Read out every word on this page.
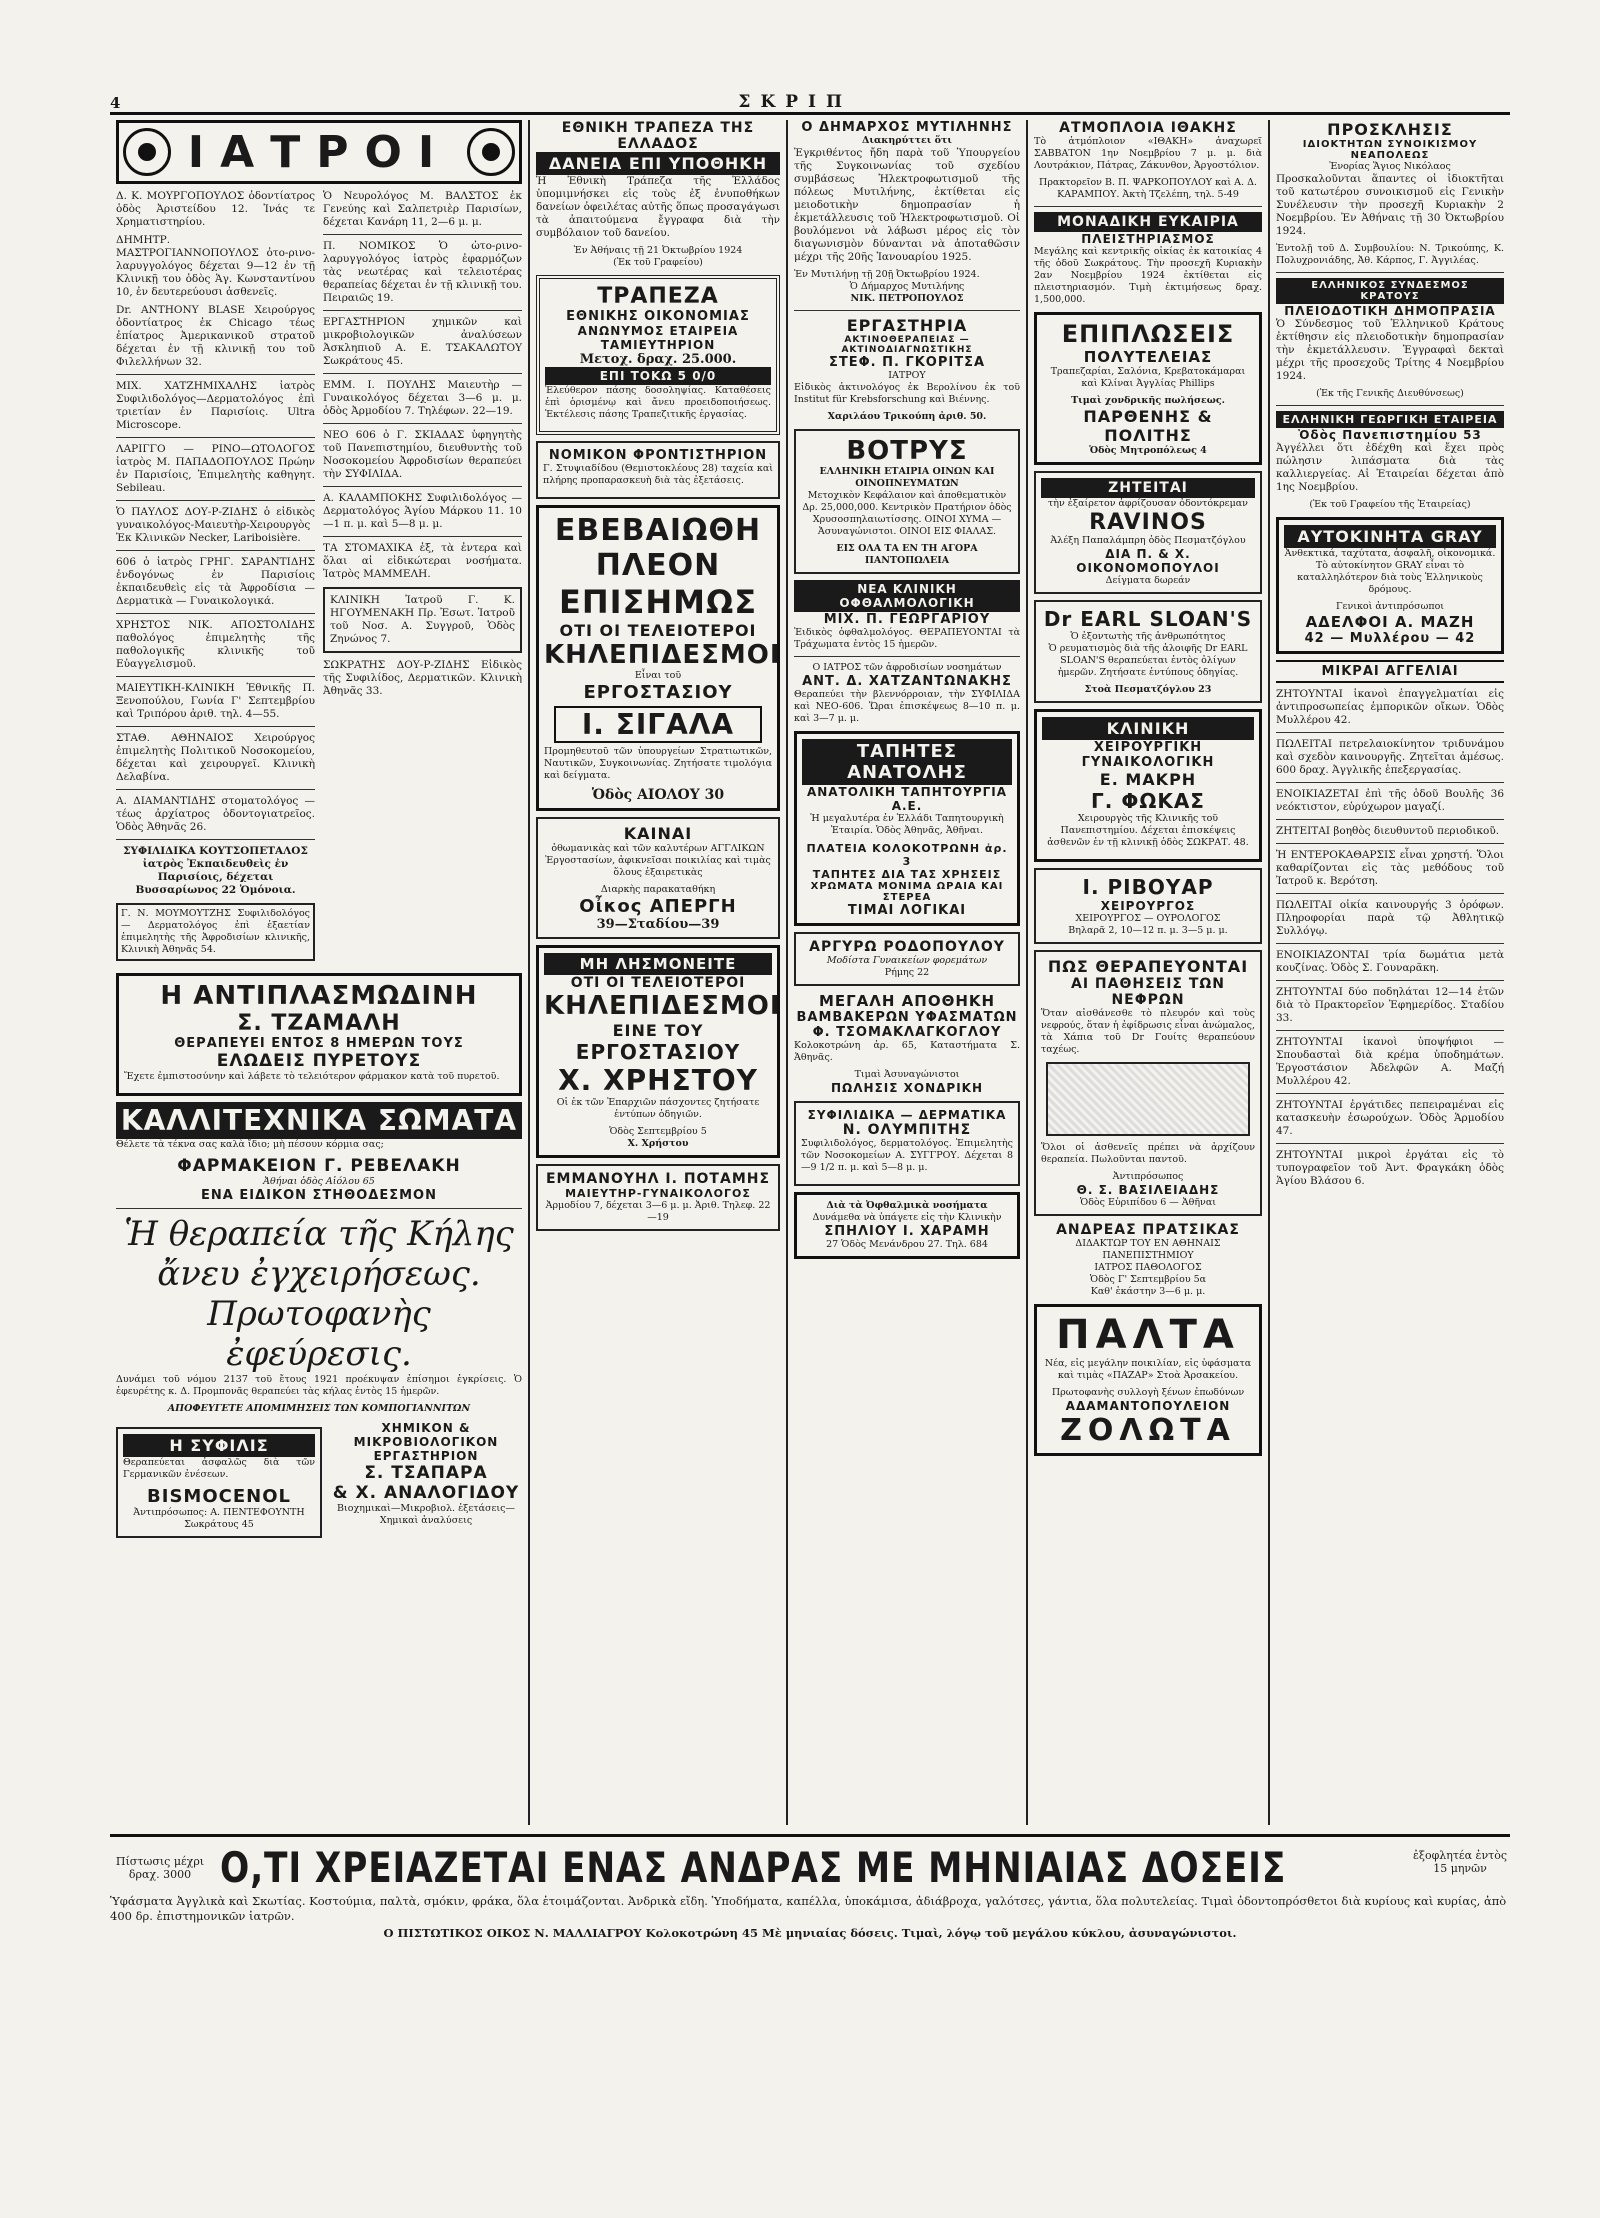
4	ΣΚΡΙΠ
ΙΑΤΡΟΙ

Δ. Κ. ΜΟΥΡΓΟΠΟΥΛΟΣ ὀδοντίατρος ὁδὸς Ἀριστείδου 12. Ἰνάς τε Χρηματιστηρίου.

ΔΗΜΗΤΡ. ΜΑΣΤΡΟΓΙΑΝΝΟΠΟΥΛΟΣ ὀτο-ρινο-λαρυγγολόγος δέχεται 9—12 ἐν τῇ Κλινικῇ του ὁδὸς Ἁγ. Κωνσταντίνου 10, ἐν δευτερεύουσι ἀσθενεῖς.

Dr. ANTHONY BLASE Χειρούργος ὀδοντίατρος ἐκ Chicago τέως ἐπίατρος Ἀμερικανικοῦ στρατοῦ δέχεται ἐν τῇ κλινικῇ του τοῦ Φιλελλήνων 32.

ΜΙΧ. ΧΑΤΖΗΜΙΧΑΛΗΣ ἰατρὸς Συφιλιδολόγος—Δερματολόγος ἐπὶ τριετίαν ἐν Παρισίοις. Ultra Microscope.

ΛΑΡΙΓΓΟ — ΡΙΝΟ—ΩΤΟΛΟΓΟΣ ἰατρὸς Μ. ΠΑΠΑΔΟΠΟΥΛΟΣ Πρώην ἐν Παρισίοις, Ἐπιμελητὴς καθηγητ. Sebileau.

Ὁ ΠΑΥΛΟΣ ΔΟΥ-Ρ-ΖΙΔΗΣ ὁ εἰδικὸς γυναικολόγος-Μαιευτὴρ-Χειρουργὸς Ἐκ Κλινικῶν Necker, Lariboisière.

606 ὁ ἰατρὸς ΓΡΗΓ. ΣΑΡΑΝΤΙΔΗΣ ἐνδογόνως ἐν Παρισίοις ἐκπαιδευθεὶς εἰς τὰ Ἀφροδίσια — Δερματικὰ — Γυναικολογικά.

ΧΡΗΣΤΟΣ ΝΙΚ. ΑΠΟΣΤΟΛΙΔΗΣ παθολόγος ἐπιμελητὴς τῆς παθολογικῆς κλινικῆς τοῦ Εὐαγγελισμοῦ.

ΜΑΙΕΥΤΙΚΗ-ΚΛΙΝΙΚΗ Ἐθνικῆς Π. Ξενοπούλου, Γωνία Γ' Σεπτεμβρίου καὶ Τριπόρου ἀριθ. τηλ. 4—55.

ΣΤΑΘ. ΑΘΗΝΑΙΟΣ Χειρούργος ἐπιμελητὴς Πολιτικοῦ Νοσοκομείου, δέχεται καὶ χειρουργεῖ. Κλινικὴ Δελαβίνα.

Α. ΔΙΑΜΑΝΤΙΔΗΣ στοματολόγος — τέως ἀρχίατρος ὀδοντογιατρεῖος. Ὁδὸς Ἀθηνᾶς 26.

ΣΥΦΙΛΙΔΙΚΑ ΚΟΥΤΣΟΠΕΤΑΛΟΣ ἰατρὸς Ἐκπαιδευθεὶς ἐν Παρισίοις, δέχεται Βυσσαρίωνος 22 Ὁμόνοια.

Γ. Ν. ΜΟΥΜΟΥΤΖΗΣ Συφιλιδολόγος — Δερματολόγος ἐπὶ ἑξαετίαν ἐπιμελητὴς τῆς Ἀφροδισίων κλινικῆς, Κλινικὴ Ἀθηνᾶς 54.

Ὁ Νευρολόγος Μ. ΒΑΛΣΤΟΣ ἐκ Γενεύης καὶ Σαλπετριὲρ Παρισίων, δέχεται Κανάρη 11, 2—6 μ. μ.

Π. ΝΟΜΙΚΟΣ Ὁ ὠτο-ρινο-λαρυγγολόγος ἰατρὸς ἐφαρμόζων τὰς νεωτέρας καὶ τελειοτέρας θεραπείας δέχεται ἐν τῇ κλινικῇ του. Πειραιῶς 19.

ΕΡΓΑΣΤΗΡΙΟΝ χημικῶν καὶ μικροβιολογικῶν ἀναλύσεων Ἀσκληπιοῦ Α. Ε. ΤΣΑΚΑΛΩΤΟΥ Σωκράτους 45.

ΕΜΜ. Ι. ΠΟΥΛΗΣ Μαιευτὴρ — Γυναικολόγος δέχεται 3—6 μ. μ. ὁδὸς Ἀρμοδίου 7. Τηλέφων. 22—19.

NEO 606 ὁ Γ. ΣΚΙΑΔΑΣ ὑφηγητὴς τοῦ Πανεπιστημίου, διευθυντὴς τοῦ Νοσοκομείου Ἀφροδισίων θεραπεύει τὴν ΣΥΦΙΛΙΔΑ.

Α. ΚΑΛΑΜΠΟΚΗΣ Συφιλιδολόγος — Δερματολόγος Ἁγίου Μάρκου 11. 10—1 π. μ. καὶ 5—8 μ. μ.

ΤΑ ΣΤΟΜΑΧΙΚΑ ἐξ, τὰ ἐντερα καὶ ὅλαι αἱ εἰδικώτεραι νοσήματα. Ἰατρὸς ΜΑΜΜΕΛΗ.

ΚΛΙΝΙΚΗ Ἰατροῦ Γ. Κ. ΗΓΟΥΜΕΝΑΚΗ Πρ. Ἐσωτ. Ἰατροῦ τοῦ Νοσ. Α. Συγγροῦ, Ὁδὸς Ζηνώνος 7.

ΣΩΚΡΑΤΗΣ ΔΟΥ-Ρ-ΖΙΔΗΣ Εἰδικὸς τῆς Συφιλίδος, Δερματικῶν. Κλινικὴ Ἀθηνᾶς 33.

Η ΑΝΤΙΠΛΑΣΜΩΔΙΝΗ
Σ. ΤΖΑΜΑΛΗ
ΘΕΡΑΠΕΥΕΙ ΕΝΤΟΣ 8 ΗΜΕΡΩΝ ΤΟΥΣ
ΕΛΩΔΕΙΣ ΠΥΡΕΤΟΥΣ

Ἔχετε ἐμπιστοσύνην καὶ λάβετε τὸ τελειότερον φάρμακον κατὰ τοῦ πυρετοῦ.

ΚΑΛΛΙΤΕΧΝΙΚΑ ΣΩΜΑΤΑ

Θέλετε τὰ τέκνα σας καλὰ ἴδιο; μὴ πέσουν κόρμια σας;

ΦΑΡΜΑΚΕΙΟΝ Γ. ΡΕΒΕΛΑΚΗ
Ἀθήναι ὁδὸς Αἰόλου 65
ΕΝΑ ΕΙΔΙΚΟΝ ΣΤΗΘΟΔΕΣΜΟΝ
Ἡ θεραπεία τῆς Κήλης
ἄνευ ἐγχειρήσεως.
Πρωτοφανὴς ἐφεύρεσις.

Δυνάμει τοῦ νόμου 2137 τοῦ ἔτους 1921 προέκυψαν ἐπίσημοι ἐγκρίσεις. Ὁ ἐφευρέτης κ. Δ. Προμπονᾶς θεραπεύει τὰς κήλας ἐντὸς 15 ἡμερῶν.

ΑΠΟΦΕΥΓΕΤΕ ΑΠΟΜΙΜΗΣΕΙΣ ΤΩΝ ΚΟΜΠΟΓΙΑΝΝΙΤΩΝ
Η ΣΥΦΙΛΙΣ

Θεραπεύεται ἀσφαλῶς διὰ τῶν Γερμανικῶν ἐνέσεων.

BISMOCENOL
Ἀντιπρόσωπος: Α. ΠΕΝΤΕΦΟΥΝΤΗ Σωκράτους 45
ΧΗΜΙΚΟΝ & ΜΙΚΡΟΒΙΟΛΟΓΙΚΟΝ ΕΡΓΑΣΤΗΡΙΟΝ
Σ. ΤΣΑΠΑΡΑ
& Χ. ΑΝΑΛΟΓΙΔΟΥ
Βιοχημικαὶ—Μικροβιολ. ἐξετάσεις—Χημικαὶ ἀναλύσεις
ΕΘΝΙΚΗ ΤΡΑΠΕΖΑ ΤΗΣ ΕΛΛΑΔΟΣ
ΔΑΝΕΙΑ ΕΠΙ ΥΠΟΘΗΚΗ

Ἡ Ἐθνικὴ Τράπεζα τῆς Ἑλλάδος ὑπομιμνήσκει εἰς τοὺς ἐξ ἐνυποθήκων δανείων ὀφειλέτας αὐτῆς ὅπως προσαγάγωσι τὰ ἀπαιτούμενα ἔγγραφα διὰ τὴν συμβόλαιον τοῦ δανείου.

Ἐν Ἀθήναις τῇ 21 Ὀκτωβρίου 1924
(Ἐκ τοῦ Γραφείου)
ΤΡΑΠΕΖΑ
ΕΘΝΙΚΗΣ ΟΙΚΟΝΟΜΙΑΣ
ΑΝΩΝΥΜΟΣ ΕΤΑΙΡΕΙΑ
ΤΑΜΙΕΥΤΗΡΙΟΝ
Μετοχ. δραχ. 25.000.
ΕΠΙ ΤΟΚΩ 5 0/0

Ἐλεύθερον πάσης δοσοληψίας. Καταθέσεις ἐπὶ ὁρισμένῳ καὶ ἄνευ προειδοποιήσεως. Ἐκτέλεσις πάσης Τραπεζιτικῆς ἐργασίας.

ΝΟΜΙΚΟΝ ΦΡΟΝΤΙΣΤΗΡΙΟΝ

Γ. Στυψιαδίδου (Θεμιστοκλέους 28) ταχεία καὶ πλήρης προπαρασκευὴ διὰ τὰς ἐξετάσεις.

ΕΒΕΒΑΙΩΘΗ
ΠΛΕΟΝ
ΕΠΙΣΗΜΩΣ
ΟΤΙ ΟΙ ΤΕΛΕΙΟΤΕΡΟΙ
ΚΗΛΕΠΙΔΕΣΜΟΙ
Εἶναι τοῦ
ΕΡΓΟΣΤΑΣΙΟΥ
Ι. ΣΙΓΑΛΑ

Προμηθευτοῦ τῶν ὑπουργείων Στρατιωτικῶν, Ναυτικῶν, Συγκοινωνίας. Ζητήσατε τιμολόγια καὶ δείγματα.

Ὁδὸς ΑΙΟΛΟΥ 30
ΚΑΙΝΑΙ

ὀθωμανικὰς καὶ τῶν καλυτέρων ΑΓΓΛΙΚΩΝ Ἐργοστασίων, ἀφικνεῖσαι ποικιλίας καὶ τιμὰς ὅλους ἐξαιρετικὰς

Διαρκὴς παρακαταθήκη
Οἶκος ΑΠΕΡΓΗ
39—Σταδίου—39
ΜΗ ΛΗΣΜΟΝΕΙΤΕ
ΟΤΙ ΟΙ ΤΕΛΕΙΟΤΕΡΟΙ
ΚΗΛΕΠΙΔΕΣΜΟΙ
ΕΙΝΕ ΤΟΥ
ΕΡΓΟΣΤΑΣΙΟΥ
Χ. ΧΡΗΣΤΟΥ

Οἱ ἐκ τῶν Ἐπαρχιῶν πάσχοντες ζητήσατε ἐντύπων ὁδηγιῶν.

Ὁδὸς Σεπτεμβρίου 5
Χ. Χρήστου
ΕΜΜΑΝΟΥΗΛ Ι. ΠΟΤΑΜΗΣ
ΜΑΙΕΥΤΗΡ-ΓΥΝΑΙΚΟΛΟΓΟΣ
Ἀρμοδίου 7, δέχεται 3—6 μ. μ. Ἀριθ. Τηλεφ. 22—19
Ο ΔΗΜΑΡΧΟΣ ΜΥΤΙΛΗΝΗΣ
Διακηρύττει ὅτι

Ἐγκριθέντος ἤδη παρὰ τοῦ Ὑπουργείου τῆς Συγκοινωνίας τοῦ σχεδίου συμβάσεως Ἠλεκτροφωτισμοῦ τῆς πόλεως Μυτιλήνης, ἐκτίθεται εἰς μειοδοτικὴν δημοπρασίαν ἡ ἐκμετάλλευσις τοῦ Ἠλεκτροφωτισμοῦ. Οἱ βουλόμενοι νὰ λάβωσι μέρος εἰς τὸν διαγωνισμὸν δύνανται νὰ ἀποταθῶσιν μέχρι τῆς 20ῆς Ἰανουαρίου 1925.

Ἐν Μυτιλήνῃ τῇ 20ῇ Ὀκτωβρίου 1924.
Ὁ Δήμαρχος Μυτιλήνης
ΝΙΚ. ΠΕΤΡΟΠΟΥΛΟΣ
ΕΡΓΑΣΤΗΡΙΑ
ΑΚΤΙΝΟΘΕΡΑΠΕΙΑΣ — ΑΚΤΙΝΟΔΙΑΓΝΩΣΤΙΚΗΣ
ΣΤΕΦ. Π. ΓΚΟΡΙΤΣΑ
ΙΑΤΡΟΥ

Εἰδικὸς ἀκτινολόγος ἐκ Βερολίνου ἐκ τοῦ Institut für Krebsforschung καὶ Βιέννης.

Χαριλάου Τρικούπη ἀριθ. 50.
ΒΟΤΡΥΣ
ΕΛΛΗΝΙΚΗ ΕΤΑΙΡΙΑ ΟΙΝΩΝ ΚΑΙ ΟΙΝΟΠΝΕΥΜΑΤΩΝ

Μετοχικὸν Κεφάλαιον καὶ ἀποθεματικὸν Δρ. 25,000,000. Κεντρικὸν Πρατήριον ὁδὸς Χρυσοσπηλαιωτίσσης. ΟΙΝΟΙ ΧΥΜΑ — Ἀσυναγώνιστοι. ΟΙΝΟΙ ΕΙΣ ΦΙΑΛΑΣ.

ΕΙΣ ΟΛΑ ΤΑ ΕΝ ΤΗ ΑΓΟΡΑ ΠΑΝΤΟΠΩΛΕΙΑ
ΝΕΑ ΚΛΙΝΙΚΗ ΟΦΘΑΛΜΟΛΟΓΙΚΗ
ΜΙΧ. Π. ΓΕΩΡΓΑΡΙΟΥ

Ἐιδικὸς ὀφθαλμολόγος. ΘΕΡΑΠΕΥΟΝΤΑΙ τὰ Τράχωματα ἐντὸς 15 ἡμερῶν.

Ο ΙΑΤΡΟΣ τῶν ἀφροδισίων νοσημάτων
ΑΝΤ. Δ. ΧΑΤΖΑΝΤΩΝΑΚΗΣ

Θεραπεύει τὴν βλεννόρροιαν, τὴν ΣΥΦΙΛΙΔΑ καὶ NEO-606. Ὥραι ἐπισκέψεως 8—10 π. μ. καὶ 3—7 μ. μ.

ΤΑΠΗΤΕΣ ΑΝΑΤΟΛΗΣ
ΑΝΑΤΟΛΙΚΗ ΤΑΠΗΤΟΥΡΓΙΑ Α.Ε.

Ἡ μεγαλυτέρα ἐν Ἑλλάδι Ταπητουργικὴ Ἑταιρία. Ὁδὸς Ἀθηνᾶς, Ἀθῆναι.

ΠΛΑΤΕΙΑ ΚΟΛΟΚΟΤΡΩΝΗ ἀρ. 3
ΤΑΠΗΤΕΣ ΔΙΑ ΤΑΣ ΧΡΗΣΕΙΣ
ΧΡΩΜΑΤΑ ΜΟΝΙΜΑ ΩΡΑΙΑ ΚΑΙ ΣΤΕΡΕΑ
ΤΙΜΑΙ ΛΟΓΙΚΑΙ
ΑΡΓΥΡΩ ΡΟΔΟΠΟΥΛΟΥ
Μοδίστα Γυναικείων φορεμάτων
Ρήμης 22
ΜΕΓΑΛΗ ΑΠΟΘΗΚΗ
ΒΑΜΒΑΚΕΡΩΝ ΥΦΑΣΜΑΤΩΝ
Φ. ΤΣΟΜΑΚΛΑΓΚΟΓΛΟΥ

Κολοκοτρώνη ἀρ. 65, Καταστήματα Σ. Ἀθηνᾶς.

Τιμαὶ Ἀσυναγώνιστοι
ΠΩΛΗΣΙΣ ΧΟΝΔΡΙΚΗ
ΣΥΦΙΛΙΔΙΚΑ — ΔΕΡΜΑΤΙΚΑ
Ν. ΟΛΥΜΠΙΤΗΣ

Συφιλιδολόγος, δερματολόγος. Ἐπιμελητὴς τῶν Νοσοκομείων Α. ΣΥΓΓΡΟΥ. Δέχεται 8—9 1/2 π. μ. καὶ 5—8 μ. μ.

Διὰ τὰ Ὀφθαλμικὰ νοσήματα
Δυνάμεθα νὰ ὑπάγετε εἰς τὴν Κλινικὴν
ΣΠΗΛΙΟΥ Ι. ΧΑΡΑΜΗ
27 Ὁδὸς Μενάνδρου 27. Τηλ. 684
ΑΤΜΟΠΛΟΙΑ ΙΘΑΚΗΣ

Τὸ ἀτμόπλοιον «ΙΘΑΚΗ» ἀναχωρεῖ ΣΑΒΒΑΤΟΝ 1ην Νοεμβρίου 7 μ. μ. διὰ Λουτράκιον, Πάτρας, Ζάκυνθον, Ἀργοστόλιον.

Πρακτορεῖον Β. Π. ΨΑΡΚΟΠΟΥΛΟΥ καὶ Α. Δ. ΚΑΡΑΜΠΟΥ. Ἀκτὴ Τζελέπη, τηλ. 5-49
ΜΟΝΑΔΙΚΗ ΕΥΚΑΙΡΙΑ
ΠΛΕΙΣΤΗΡΙΑΣΜΟΣ

Μεγάλης καὶ κεντρικῆς οἰκίας ἐκ κατοικίας 4 τῆς ὁδοῦ Σωκράτους. Τὴν προσεχῆ Κυριακὴν 2αν Νοεμβρίου 1924 ἐκτίθεται εἰς πλειστηριασμόν. Τιμὴ ἐκτιμήσεως δραχ. 1,500,000.

ΕΠΙΠΛΩΣΕΙΣ
ΠΟΛΥΤΕΛΕΙΑΣ

Τραπεζαρίαι, Σαλόνια, Κρεβατοκάμαραι καὶ Κλίναι Ἀγγλίας Phillips

Τιμαὶ χονδρικῆς πωλήσεως.
ΠΑΡΘΕΝΗΣ & ΠΟΛΙΤΗΣ
Ὁδὸς Μητροπόλεως 4
ΖΗΤΕΙΤΑΙ
τὴν ἐξαίρετον ἀφρίζουσαν ὀδοντόκρεμαν
RAVINOS
Ἀλέξη Παπαλάμπρη ὁδὸς Πεσματζόγλου
ΔΙΑ Π. & Χ. ΟΙΚΟΝΟΜΟΠΟΥΛΟΙ
Δείγματα δωρεάν
Dr EARL SLOAN'S
Ὁ ἐξοντωτὴς τῆς ἀνθρωπότητος

Ὁ ρευματισμὸς διὰ τῆς ἀλοιφῆς Dr EARL SLOAN'S θεραπεύεται ἐντὸς ὀλίγων ἡμερῶν. Ζητήσατε ἐντύπους ὁδηγίας.

Στοὰ Πεσματζόγλου 23
ΚΛΙΝΙΚΗ
ΧΕΙΡΟΥΡΓΙΚΗ ΓΥΝΑΙΚΟΛΟΓΙΚΗ
Ε. ΜΑΚΡΗ
Γ. ΦΩΚΑΣ

Χειρουργὸς τῆς Κλινικῆς τοῦ Πανεπιστημίου. Δέχεται ἐπισκέψεις ἀσθενῶν ἐν τῇ κλινικῇ ὁδὸς ΣΩΚΡΑΤ. 48.

Ι. ΡΙΒΟΥΑΡ
ΧΕΙΡΟΥΡΓΟΣ
ΧΕΙΡΟΥΡΓΟΣ — ΟΥΡΟΛΟΓΟΣ
Βηλαρᾶ 2, 10—12 π. μ. 3—5 μ. μ.
ΠΩΣ ΘΕΡΑΠΕΥΟΝΤΑΙ
ΑΙ ΠΑΘΗΣΕΙΣ ΤΩΝ ΝΕΦΡΩΝ

Ὅταν αἰσθάνεσθε τὸ πλευρόν καὶ τοὺς νεφρούς, ὅταν ἡ ἐφίδρωσις εἶναι ἀνώμαλος, τὰ Χάπια τοῦ Dr Γουίτς θεραπεύουν ταχέως.

Ὅλοι οἱ ἀσθενεῖς πρέπει νὰ ἀρχίζουν θεραπεία. Πωλοῦνται παντοῦ.

Ἀντιπρόσωπος
Θ. Σ. ΒΑΣΙΛΕΙΑΔΗΣ
Ὁδὸς Εὐριπίδου 6 — Ἀθῆναι
ΑΝΔΡΕΑΣ ΠΡΑΤΣΙΚΑΣ
ΔΙΔΑΚΤΩΡ ΤΟΥ ΕΝ ΑΘΗΝΑΙΣ ΠΑΝΕΠΙΣΤΗΜΙΟΥ
ΙΑΤΡΟΣ ΠΑΘΟΛΟΓΟΣ
Ὁδὸς Γ' Σεπτεμβρίου 5α
Καθ' ἑκάστην 3—6 μ. μ.
ΠΑΛΤΑ

Νέα, εἰς μεγάλην ποικιλίαν, εἰς ὑφάσματα καὶ τιμὰς «ΠΑΖΑΡ» Στοὰ Ἀρσακείου.

Πρωτοφανὴς συλλογὴ ξένων ἐπωδύνων
ΑΔΑΜΑΝΤΟΠΟΥΛΕΙΟΝ
ΖΟΛΩΤΑ
ΠΡΟΣΚΛΗΣΙΣ
ΙΔΙΟΚΤΗΤΩΝ ΣΥΝΟΙΚΙΣΜΟΥ ΝΕΑΠΟΛΕΩΣ
Ἐνορίας Ἅγιος Νικόλαος

Προσκαλοῦνται ἅπαντες οἱ ἰδιοκτῆται τοῦ κατωτέρου συνοικισμοῦ εἰς Γενικὴν Συνέλευσιν τὴν προσεχῆ Κυριακὴν 2 Νοεμβρίου. Ἐν Ἀθήναις τῇ 30 Ὀκτωβρίου 1924.

Ἐντολῇ τοῦ Δ. Συμβουλίου: Ν. Τρικούπης, Κ. Πολυχρονιάδης, Ἀθ. Κάρπος, Γ. Ἀγγιλέας.

ΕΛΛΗΝΙΚΟΣ ΣΥΝΔΕΣΜΟΣ ΚΡΑΤΟΥΣ
ΠΛΕΙΟΔΟΤΙΚΗ ΔΗΜΟΠΡΑΣΙΑ

Ὁ Σύνδεσμος τοῦ Ἑλληνικοῦ Κράτους ἐκτίθησιν εἰς πλειοδοτικὴν δημοπρασίαν τὴν ἐκμετάλλευσιν. Ἐγγραφαὶ δεκταὶ μέχρι τῆς προσεχοῦς Τρίτης 4 Νοεμβρίου 1924.

(Ἐκ τῆς Γενικῆς Διευθύνσεως)
ΕΛΛΗΝΙΚΗ ΓΕΩΡΓΙΚΗ ΕΤΑΙΡΕΙΑ
Ὁδὸς Πανεπιστημίου 53

Ἀγγέλλει ὅτι ἐδέχθη καὶ ἔχει πρὸς πώλησιν λιπάσματα διὰ τὰς καλλιεργείας. Αἱ Ἐταιρείαι δέχεται ἀπὸ 1ης Νοεμβρίου.

(Ἐκ τοῦ Γραφείου τῆς Ἑταιρείας)
ΑΥΤΟΚΙΝΗΤΑ GRAY

Ἀνθεκτικά, ταχύτατα, ἀσφαλῆ, οἰκονομικά. Τὸ αὐτοκίνητον GRAY εἶναι τὸ καταλληλότερον διὰ τοὺς Ἑλληνικοὺς δρόμους.

Γενικοὶ ἀντιπρόσωποι
ΑΔΕΛΦΟΙ Α. ΜΑΖΗ
42 — Μυλλέρου — 42
ΜΙΚΡΑΙ ΑΓΓΕΛΙΑΙ

ΖΗΤΟΥΝΤΑΙ ἱκανοὶ ἐπαγγελματίαι εἰς ἀντιπροσωπείας ἐμπορικῶν οἴκων. Ὁδὸς Μυλλέρου 42.

ΠΩΛΕΙΤΑΙ πετρελαιοκίνητον τριδυνάμου καὶ σχεδὸν καινουργῆς. Ζητεῖται ἀμέσως. 600 δραχ. Ἀγγλικῆς ἐπεξεργασίας.

ΕΝΟΙΚΙΑΖΕΤΑΙ ἐπὶ τῆς ὁδοῦ Βουλῆς 36 νεόκτιστον, εὐρύχωρον μαγαζί.

ΖΗΤΕΙΤΑΙ βοηθὸς διευθυντοῦ περιοδικοῦ.

Ἡ ΕΝΤΕΡΟΚΑΘΑΡΣΙΣ εἶναι χρηστή. Ὅλοι καθαρίζονται εἰς τὰς μεθόδους τοῦ Ἰατροῦ κ. Βερότση.

ΠΩΛΕΙΤΑΙ οἰκία καινουργής 3 ὀρόφων. Πληροφορίαι παρὰ τῷ Ἀθλητικῷ Συλλόγῳ.

ΕΝΟΙΚΙΑΖΟΝΤΑΙ τρία δωμάτια μετὰ κουζίνας. Ὁδὸς Σ. Γουναρᾶκη.

ΖΗΤΟΥΝΤΑΙ δύο ποδηλάται 12—14 ἐτῶν διὰ τὸ Πρακτορεῖον Ἐφημερίδος. Σταδίου 33.

ΖΗΤΟΥΝΤΑΙ ἱκανοὶ ὑποψήφιοι — Σπουδασταὶ διὰ κρέμα ὑποδημάτων. Ἐργοστάσιον Ἀδελφῶν Α. Μαζή Μυλλέρου 42.

ΖΗΤΟΥΝΤΑΙ ἐργάτιδες πεπειραμέναι εἰς κατασκευὴν ἐσωρούχων. Ὁδὸς Ἁρμοδίου 47.

ΖΗΤΟΥΝΤΑΙ μικροὶ ἐργάται εἰς τὸ τυπογραφεῖον τοῦ Ἀντ. Φραγκάκη ὁδὸς Ἁγίου Βλάσου 6.

Πίστωσις μέχρι δραχ. 3000 Ο,ΤΙ ΧΡΕΙΑΖΕΤΑΙ ΕΝΑΣ ΑΝΔΡΑΣ ΜΕ ΜΗΝΙΑΙΑΣ ΔΟΣΕΙΣ	ἐξοφλητέα ἐντὸς 15 μηνῶν
Ὑφάσματα Ἀγγλικὰ καὶ Σκωτίας. Κοστούμια, παλτὰ, σμόκιν, φράκα, ὅλα ἑτοιμάζονται. Ἀνδρικὰ εἴδη. Ὑποδήματα, καπέλλα, ὑποκάμισα, ἀδιάβροχα, γαλότσες, γάντια, ὅλα πολυτελείας. Τιμαὶ ὀδοντοπρόσθετοι διὰ κυρίους καὶ κυρίας, ἀπὸ 400 δρ. ἐπιστημονικῶν ἰατρῶν.
Ο ΠΙΣΤΩΤΙΚΟΣ ΟΙΚΟΣ Ν. ΜΑΛΛΙΑΓΡΟΥ Κολοκοτρώνη 45 Μὲ μηνιαίας δόσεις. Τιμαὶ, λόγῳ τοῦ μεγάλου κύκλου, ἀσυναγώνιστοι.
